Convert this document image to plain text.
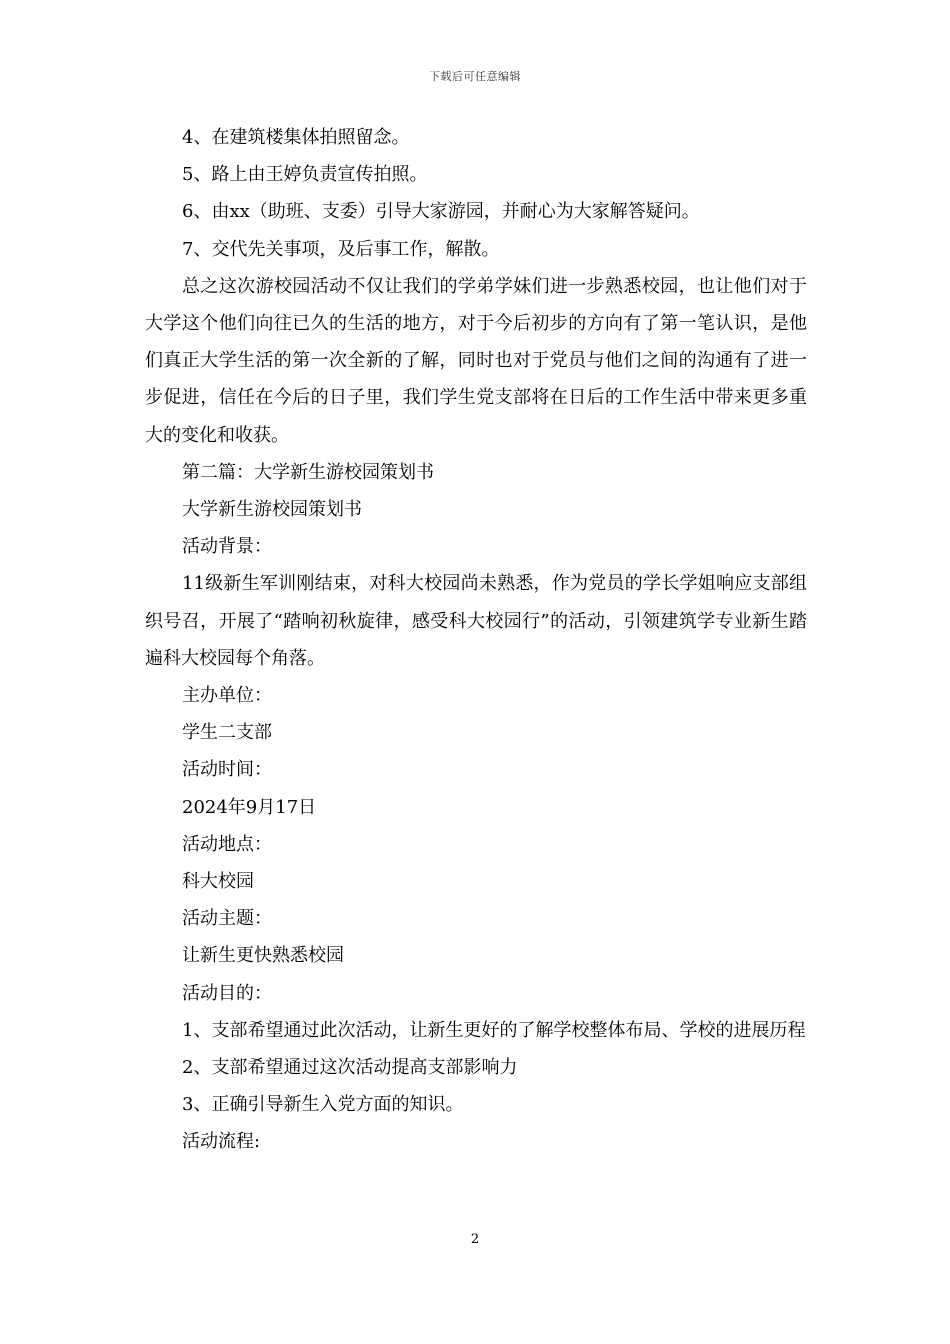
下载后可任意编辑

4、在建筑楼集体拍照留念。

5、路上由王婷负责宣传拍照。

6、由xx（助班、支委）引导大家游园，并耐心为大家解答疑问。

7、交代先关事项，及后事工作，解散。

总之这次游校园活动不仅让我们的学弟学妹们进一步熟悉校园，也让他们对于大学这个他们向往已久的生活的地方，对于今后初步的方向有了第一笔认识，是他们真正大学生活的第一次全新的了解，同时也对于党员与他们之间的沟通有了进一步促进，信任在今后的日子里，我们学生党支部将在日后的工作生活中带来更多重大的变化和收获。

第二篇：大学新生游校园策划书

大学新生游校园策划书

活动背景：

11级新生军训刚结束，对科大校园尚未熟悉，作为党员的学长学姐响应支部组织号召，开展了“踏响初秋旋律，感受科大校园行”的活动，引领建筑学专业新生踏遍科大校园每个角落。

主办单位：

学生二支部

活动时间：

2024年9月17日

活动地点：

科大校园

活动主题：

让新生更快熟悉校园

活动目的：

1、支部希望通过此次活动，让新生更好的了解学校整体布局、学校的进展历程

2、支部希望通过这次活动提高支部影响力

3、正确引导新生入党方面的知识。

活动流程:

2
